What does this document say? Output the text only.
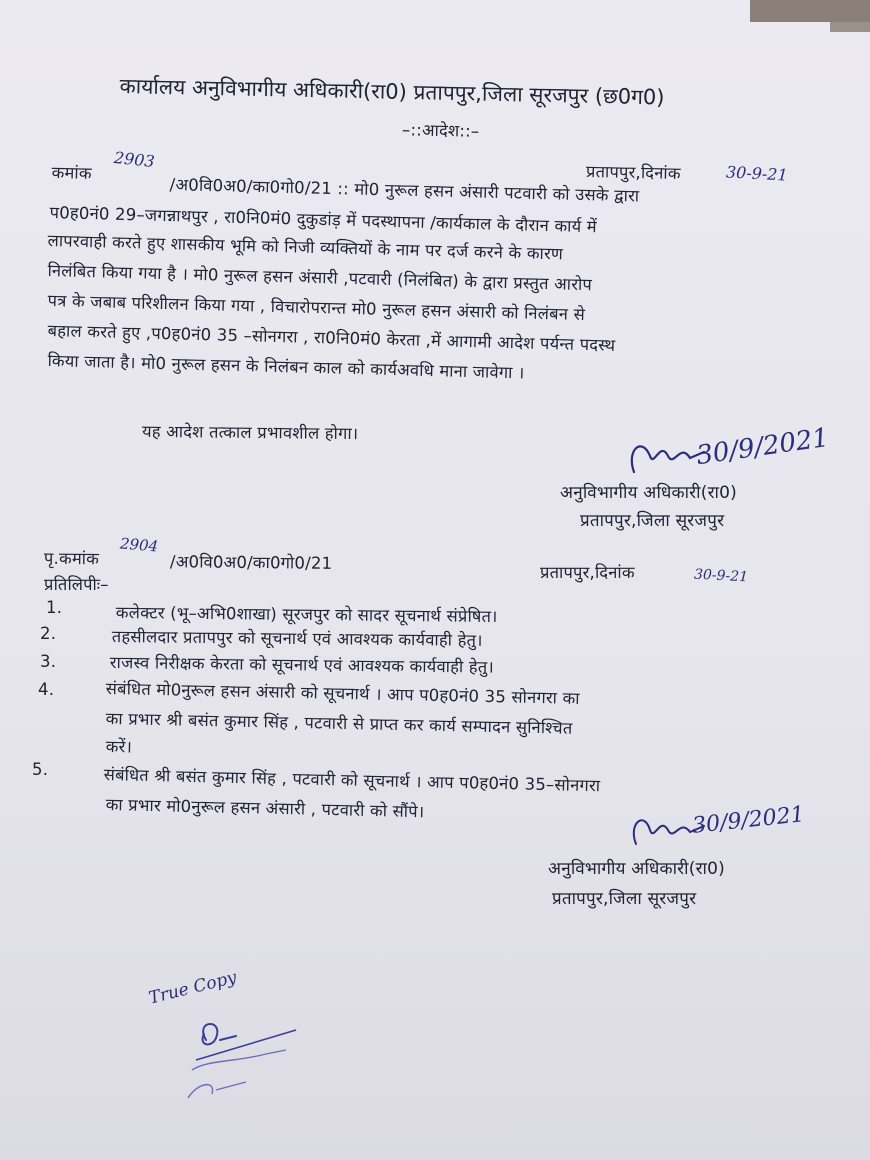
कार्यालय अनुविभागीय अधिकारी(रा0) प्रतापपुर,जिला सूरजपुर (छ0ग0)
–::आदेश::–
प्रतापपुर,दिनांक	30-9-21
कमांक
2903
/अ0वि0अ0/का0गो0/21 :: मो0 नुरूल हसन अंसारी पटवारी को उसके द्वारा
प0ह0नं0 29–जगन्नाथपुर , रा0नि0मं0 दुकुडांड़ में पदस्थापना /कार्यकाल के दौरान कार्य में
लापरवाही करते हुए शासकीय भूमि को निजी व्यक्तियों के नाम पर दर्ज करने के कारण
निलंबित किया गया है । मो0 नुरूल हसन अंसारी ,पटवारी (निलंबित) के द्वारा प्रस्तुत आरोप
पत्र के जबाब परिशीलन किया गया , विचारोपरान्त मो0 नुरूल हसन अंसारी को निलंबन से
बहाल करते हुए ,प0ह0नं0 35 –सोनगरा , रा0नि0मं0 केरता ,में आगामी आदेश पर्यन्त पदस्थ
किया जाता है। मो0 नुरूल हसन के निलंबन काल को कार्यअवधि माना जावेगा ।
यह आदेश तत्काल प्रभावशील होगा।	30/9/2021
अनुविभागीय अधिकारी(रा0)
प्रतापपुर,जिला सूरजपुर
पृ.कमांक
2904
/अ0वि0अ0/का0गो0/21	प्रतापपुर,दिनांक	30-9-21
प्रतिलिपीः–
1.	कलेक्टर (भू–अभि0शाखा) सूरजपुर को सादर सूचनार्थ संप्रेषित।
2.	तहसीलदार प्रतापपुर को सूचनार्थ एवं आवश्यक कार्यवाही हेतु।
3.	राजस्व निरीक्षक केरता को सूचनार्थ एवं आवश्यक कार्यवाही हेतु।
4.	संबंधित मो0नुरूल हसन अंसारी को सूचनार्थ । आप प0ह0नं0 35 सोनगरा का
का प्रभार श्री बसंत कुमार सिंह , पटवारी से प्राप्त कर कार्य सम्पादन सुनिश्चित
करें।
5.	संबंधित श्री बसंत कुमार सिंह , पटवारी को सूचनार्थ । आप प0ह0नं0 35–सोनगरा
का प्रभार मो0नुरूल हसन अंसारी , पटवारी को सौंपे।	30/9/2021
अनुविभागीय अधिकारी(रा0)
प्रतापपुर,जिला सूरजपुर
True Copy
